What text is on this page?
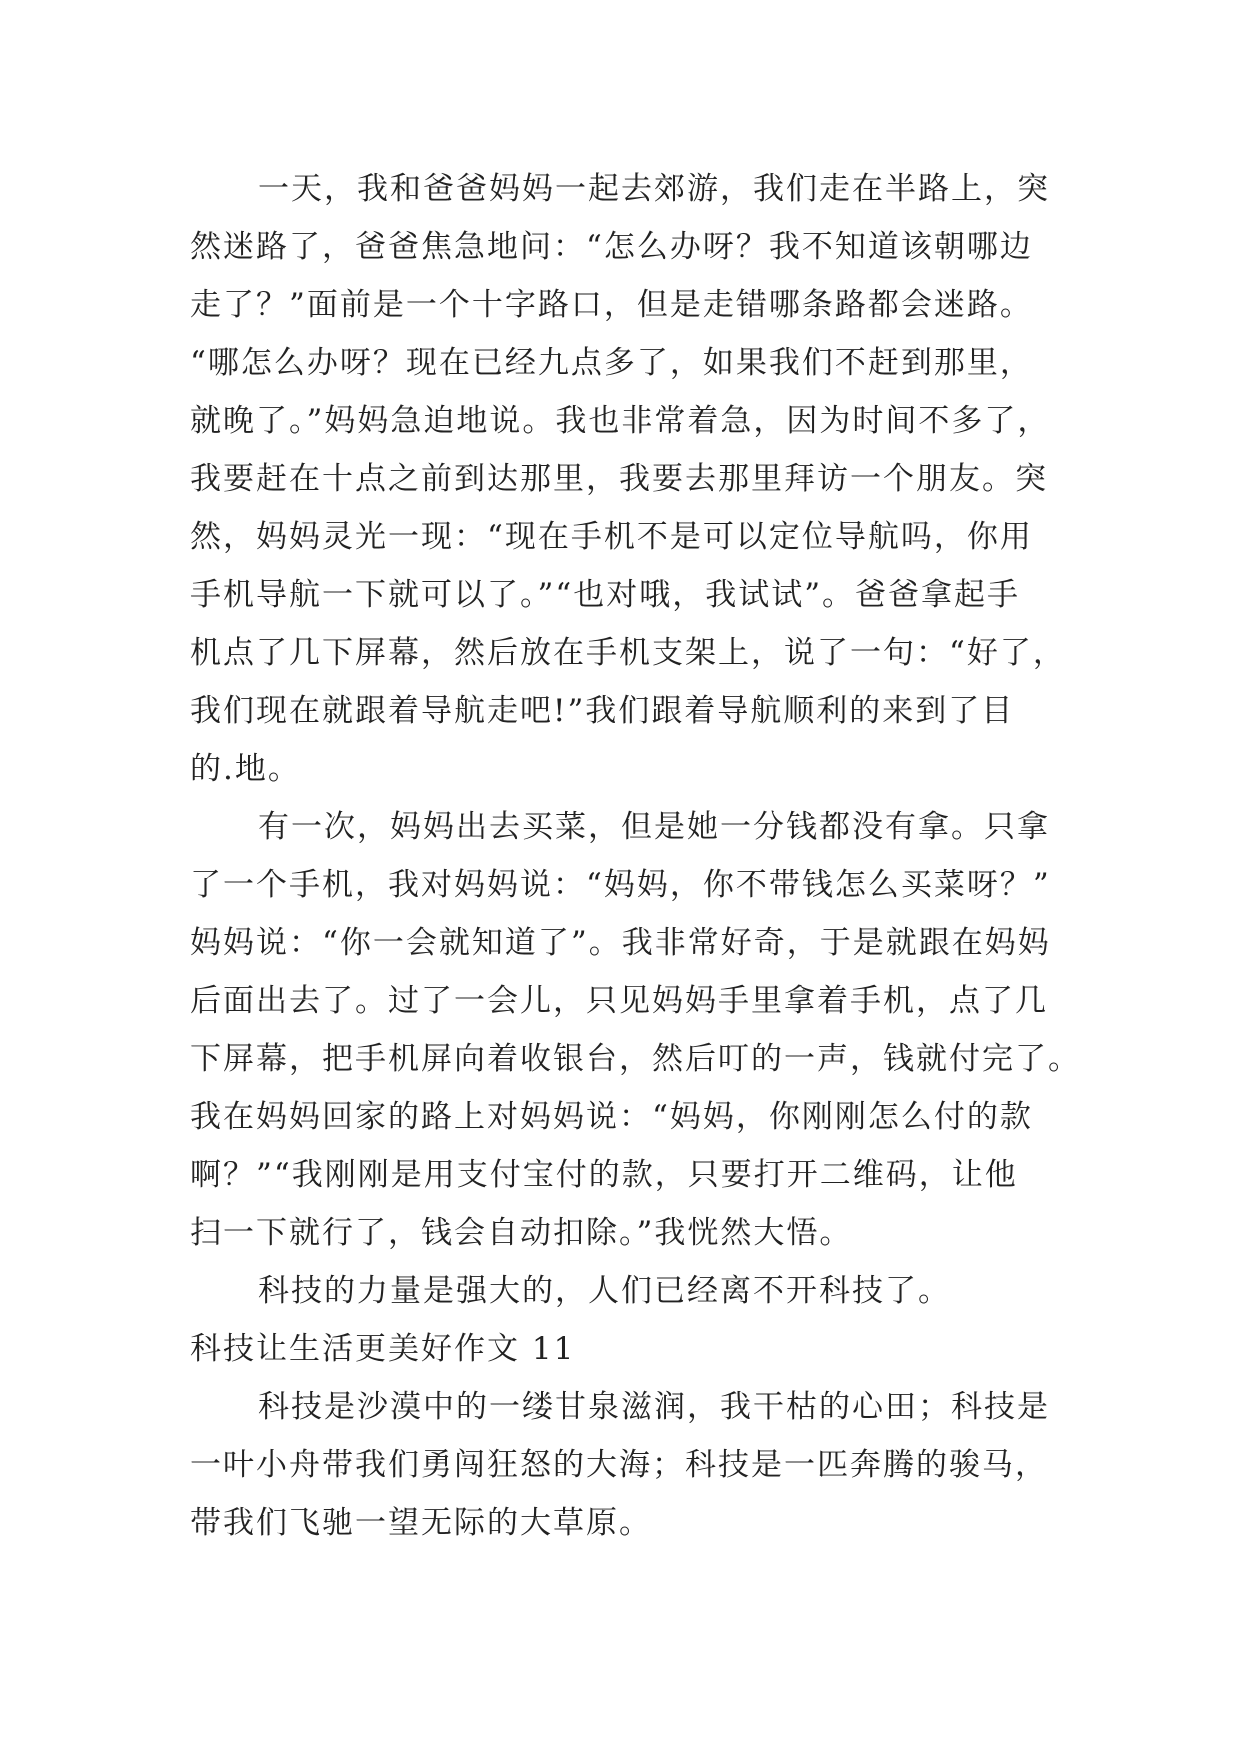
一天，我和爸爸妈妈一起去郊游，我们走在半路上，突
然迷路了，爸爸焦急地问：“怎么办呀？我不知道该朝哪边
走了？”面前是一个十字路口，但是走错哪条路都会迷路。
“哪怎么办呀？现在已经九点多了，如果我们不赶到那里，
就晚了。”妈妈急迫地说。我也非常着急，因为时间不多了，
我要赶在十点之前到达那里，我要去那里拜访一个朋友。突
然，妈妈灵光一现：“现在手机不是可以定位导航吗，你用
手机导航一下就可以了。”“也对哦，我试试”。爸爸拿起手
机点了几下屏幕，然后放在手机支架上，说了一句：“好了，
我们现在就跟着导航走吧!”我们跟着导航顺利的来到了目
的.地。
有一次，妈妈出去买菜，但是她一分钱都没有拿。只拿
了一个手机，我对妈妈说：“妈妈，你不带钱怎么买菜呀？”
妈妈说：“你一会就知道了”。我非常好奇，于是就跟在妈妈
后面出去了。过了一会儿，只见妈妈手里拿着手机，点了几
下屏幕，把手机屏向着收银台，然后叮的一声，钱就付完了。
我在妈妈回家的路上对妈妈说：“妈妈，你刚刚怎么付的款
啊？”“我刚刚是用支付宝付的款，只要打开二维码，让他
扫一下就行了，钱会自动扣除。”我恍然大悟。
科技的力量是强大的，人们已经离不开科技了。
科技让生活更美好作文 11
科技是沙漠中的一缕甘泉滋润，我干枯的心田；科技是
一叶小舟带我们勇闯狂怒的大海；科技是一匹奔腾的骏马，
带我们飞驰一望无际的大草原。
